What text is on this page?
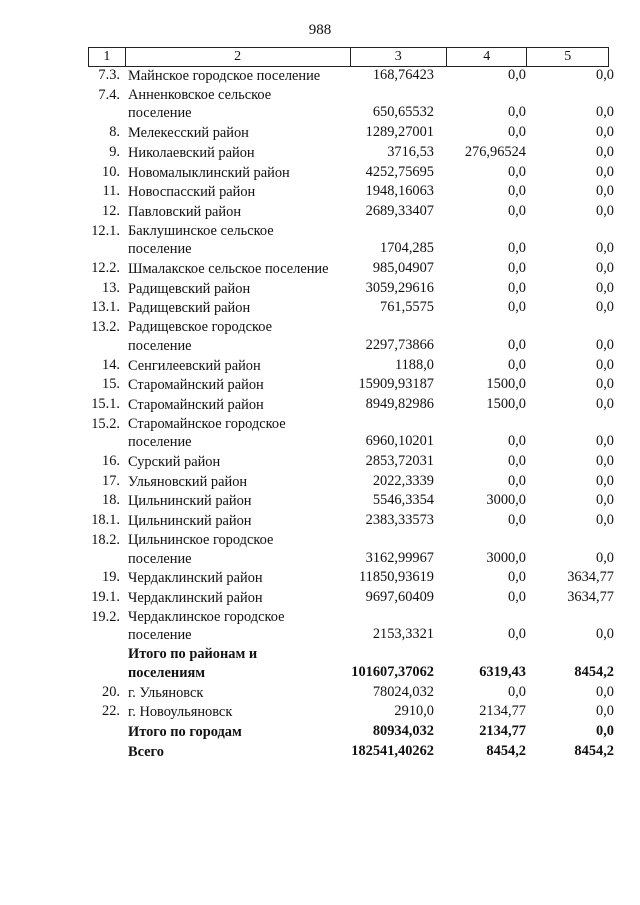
988
1	2	3	4	5
7.3. Майнское городское поселение	168,76423	0,0	0,0
7.4. Анненковское сельское поселение	650,65532	0,0	0,0
8. Мелекесский район	1289,27001	0,0	0,0
9. Николаевский район	3716,53	276,96524	0,0
10. Новомалыклинский район	4252,75695	0,0	0,0
11. Новоспасский район	1948,16063	0,0	0,0
12. Павловский район	2689,33407	0,0	0,0
12.1. Баклушинское сельское поселение	1704,285	0,0	0,0
12.2. Шмалакское сельское поселение	985,04907	0,0	0,0
13. Радищевский район	3059,29616	0,0	0,0
13.1. Радищевский район	761,5575	0,0	0,0
13.2. Радищевское городское поселение	2297,73866	0,0	0,0
14. Сенгилеевский район	1188,0	0,0	0,0
15. Старомайнский район	15909,93187	1500,0	0,0
15.1. Старомайнский район	8949,82986	1500,0	0,0
15.2. Старомайнское городское поселение	6960,10201	0,0	0,0
16. Сурский район	2853,72031	0,0	0,0
17. Ульяновский район	2022,3339	0,0	0,0
18. Цильнинский район	5546,3354	3000,0	0,0
18.1. Цильнинский район	2383,33573	0,0	0,0
18.2. Цильнинское городское поселение	3162,99967	3000,0	0,0
19. Чердаклинский район	11850,93619	0,0	3634,77
19.1. Чердаклинский район	9697,60409	0,0	3634,77
19.2. Чердаклинское городское поселение	2153,3321	0,0	0,0
Итого по районам и поселениям	101607,37062	6319,43	8454,2
20. г. Ульяновск	78024,032	0,0	0,0
22. г. Новоульяновск	2910,0	2134,77	0,0
Итого по городам	80934,032	2134,77	0,0
Всего	182541,40262	8454,2	8454,2
